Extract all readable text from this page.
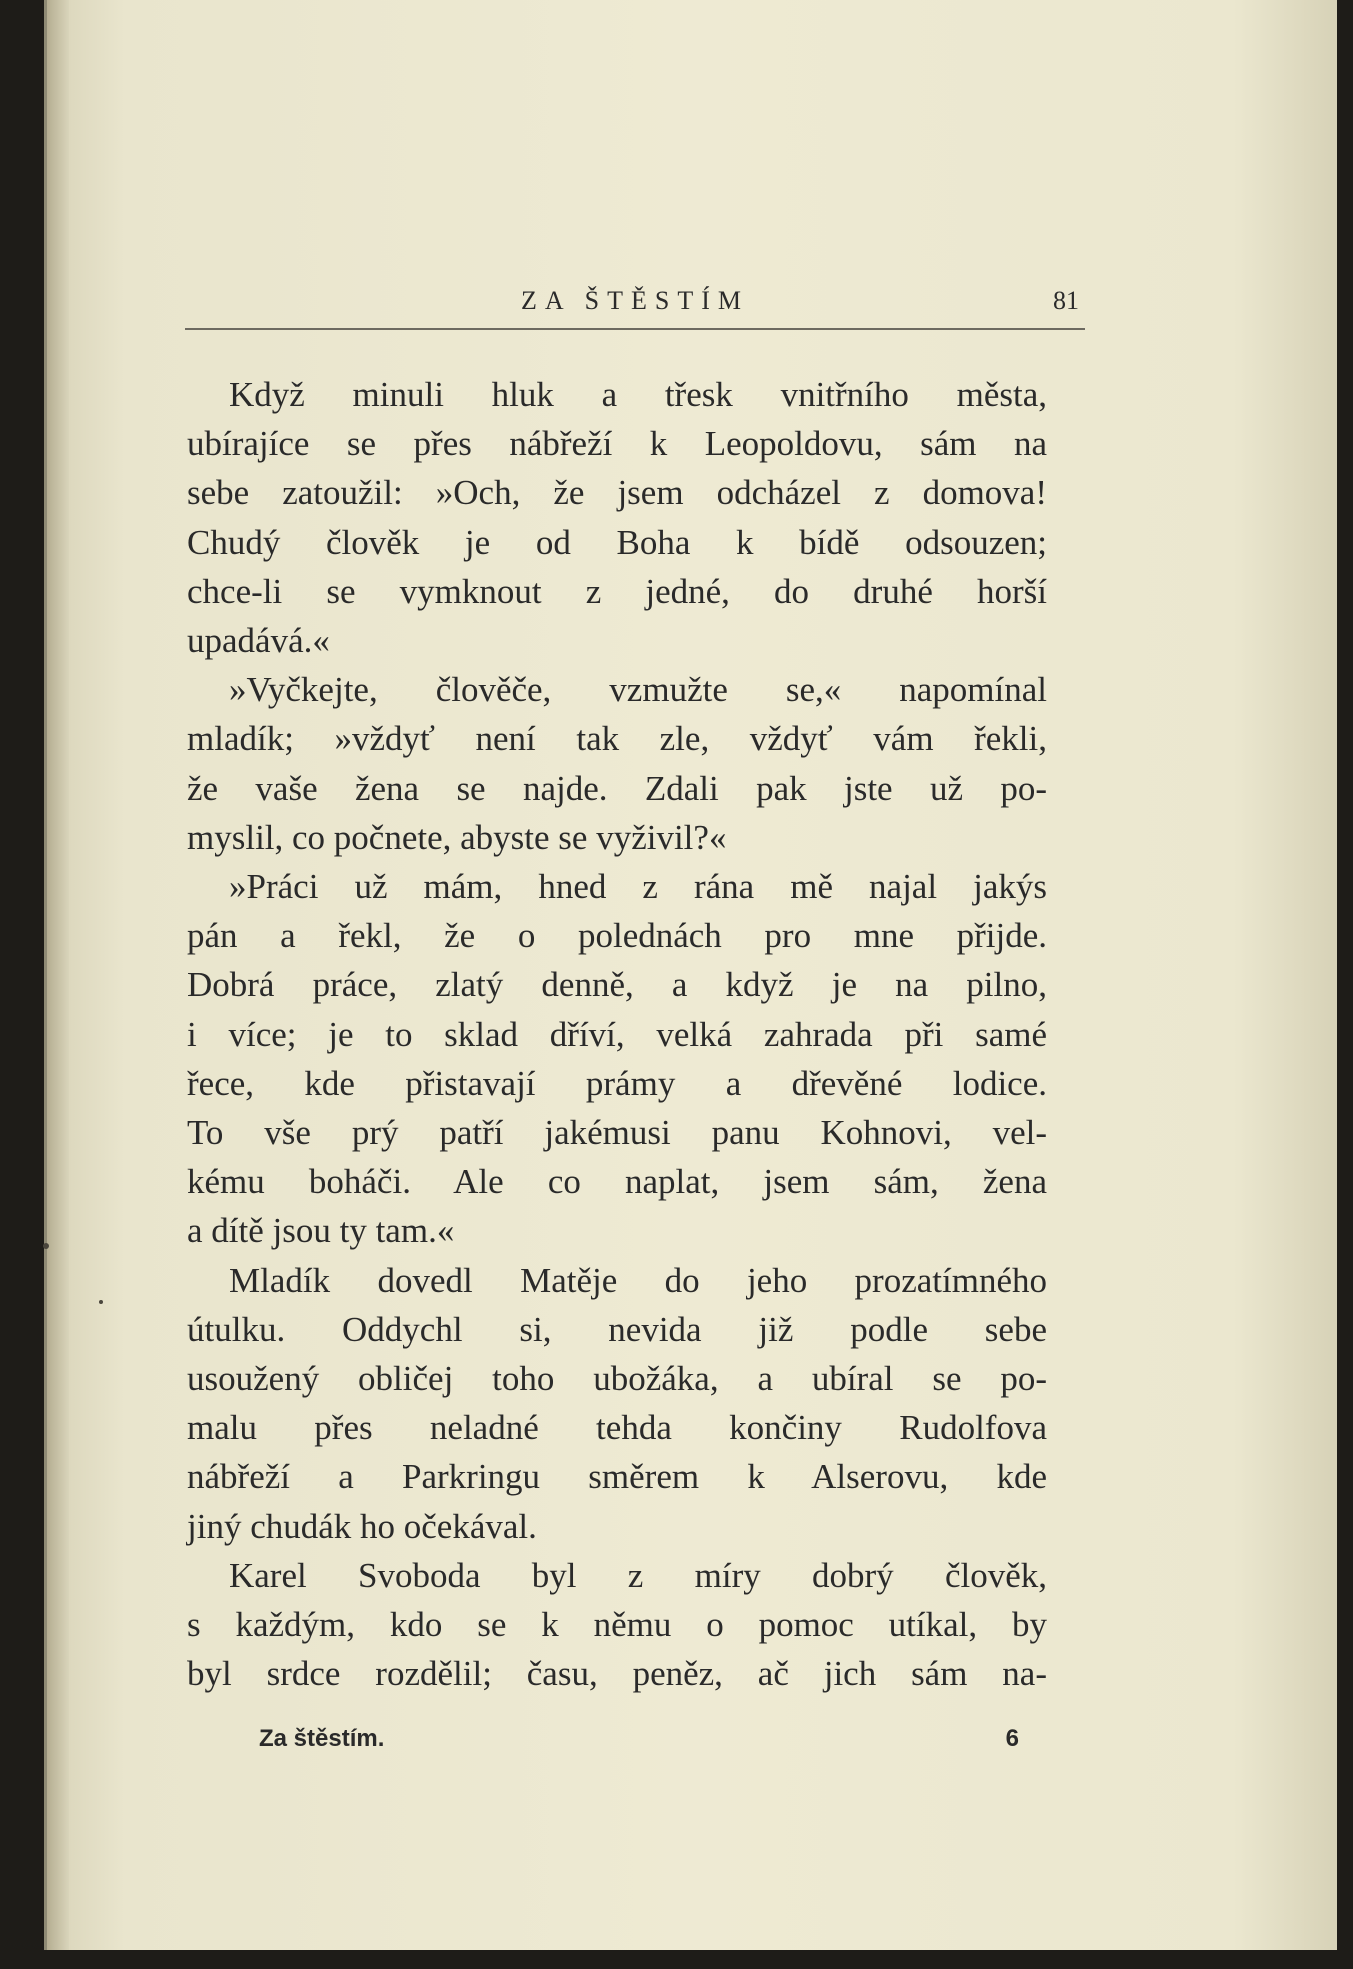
ZA ŠTĚSTÍM	81

Když minuli hluk a třesk vnitřního města,
ubírajíce se přes nábřeží k Leopoldovu, sám na
sebe zatoužil: »Och, že jsem odcházel z domova!
Chudý člověk je od Boha k bídě odsouzen;
chce-li se vymknout z jedné, do druhé horší
upadává.«

»Vyčkejte, člověče, vzmužte se,« napomínal
mladík; »vždyť není tak zle, vždyť vám řekli,
že vaše žena se najde. Zdali pak jste už po-
myslil, co počnete, abyste se vyživil?«

»Práci už mám, hned z rána mě najal jakýs
pán a řekl, že o polednách pro mne přijde.
Dobrá práce, zlatý denně, a když je na pilno,
i více; je to sklad dříví, velká zahrada při samé
řece, kde přistavají prámy a dřevěné lodice.
To vše prý patří jakémusi panu Kohnovi, vel-
kému boháči. Ale co naplat, jsem sám, žena
a dítě jsou ty tam.«

Mladík dovedl Matěje do jeho prozatímného
útulku. Oddychl si, nevida již podle sebe
usoužený obličej toho ubožáka, a ubíral se po-
malu přes neladné tehda končiny Rudolfova
nábřeží a Parkringu směrem k Alserovu, kde
jiný chudák ho očekával.

Karel Svoboda byl z míry dobrý člověk,
s každým, kdo se k němu o pomoc utíkal, by
byl srdce rozdělil; času, peněz, ač jich sám na-

Za štěstím.	6
